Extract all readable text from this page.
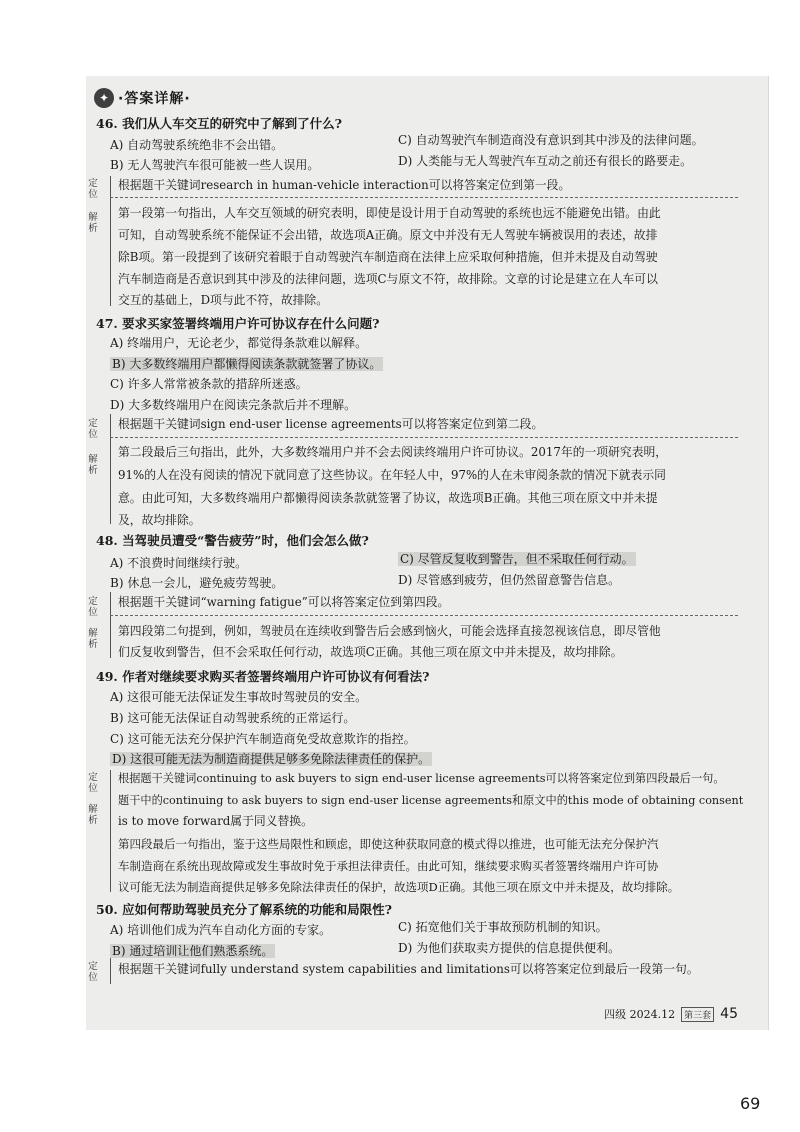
✦ ·答案详解·
46. 我们从人车交互的研究中了解到了什么?
A) 自动驾驶系统绝非不会出错。	C) 自动驾驶汽车制造商没有意识到其中涉及的法律问题。
B) 无人驾驶汽车很可能被一些人误用。	D) 人类能与无人驾驶汽车互动之前还有很长的路要走。
定位
根据题干关键词research in human-vehicle interaction可以将答案定位到第一段。
解析
第一段第一句指出，人车交互领域的研究表明，即使是设计用于自动驾驶的系统也远不能避免出错。由此
可知，自动驾驶系统不能保证不会出错，故选项A正确。原文中并没有无人驾驶车辆被误用的表述，故排
除B项。第一段提到了该研究着眼于自动驾驶汽车制造商在法律上应采取何种措施，但并未提及自动驾驶
汽车制造商是否意识到其中涉及的法律问题，选项C与原文不符，故排除。文章的讨论是建立在人车可以
交互的基础上，D项与此不符，故排除。
47. 要求买家签署终端用户许可协议存在什么问题?
A) 终端用户，无论老少，都觉得条款难以解释。
B) 大多数终端用户都懒得阅读条款就签署了协议。
C) 许多人常常被条款的措辞所迷惑。
D) 大多数终端用户在阅读完条款后并不理解。
定位
根据题干关键词sign end-user license agreements可以将答案定位到第二段。
解析
第二段最后三句指出，此外，大多数终端用户并不会去阅读终端用户许可协议。2017年的一项研究表明，
91%的人在没有阅读的情况下就同意了这些协议。在年轻人中，97%的人在未审阅条款的情况下就表示同
意。由此可知，大多数终端用户都懒得阅读条款就签署了协议，故选项B正确。其他三项在原文中并未提
及，故均排除。
48. 当驾驶员遭受“警告疲劳”时，他们会怎么做?
A) 不浪费时间继续行驶。	C) 尽管反复收到警告，但不采取任何行动。
B) 休息一会儿，避免疲劳驾驶。	D) 尽管感到疲劳，但仍然留意警告信息。
定位
根据题干关键词“warning fatigue”可以将答案定位到第四段。
解析
第四段第二句提到，例如，驾驶员在连续收到警告后会感到恼火，可能会选择直接忽视该信息，即尽管他
们反复收到警告，但不会采取任何行动，故选项C正确。其他三项在原文中并未提及，故均排除。
49. 作者对继续要求购买者签署终端用户许可协议有何看法?
A) 这很可能无法保证发生事故时驾驶员的安全。
B) 这可能无法保证自动驾驶系统的正常运行。
C) 这可能无法充分保护汽车制造商免受故意欺诈的指控。
D) 这很可能无法为制造商提供足够多免除法律责任的保护。
定位
根据题干关键词continuing to ask buyers to sign end-user license agreements可以将答案定位到第四段最后一句。
解析
题干中的continuing to ask buyers to sign end-user license agreements和原文中的this mode of obtaining consent
is to move forward属于同义替换。
第四段最后一句指出，鉴于这些局限性和顾虑，即使这种获取同意的模式得以推进，也可能无法充分保护汽
车制造商在系统出现故障或发生事故时免于承担法律责任。由此可知，继续要求购买者签署终端用户许可协
议可能无法为制造商提供足够多免除法律责任的保护，故选项D正确。其他三项在原文中并未提及，故均排除。
50. 应如何帮助驾驶员充分了解系统的功能和局限性?
A) 培训他们成为汽车自动化方面的专家。	C) 拓宽他们关于事故预防机制的知识。
B) 通过培训让他们熟悉系统。	D) 为他们获取卖方提供的信息提供便利。
定位
根据题干关键词fully understand system capabilities and limitations可以将答案定位到最后一段第一句。
四级 2024.12	第三套 45
69
